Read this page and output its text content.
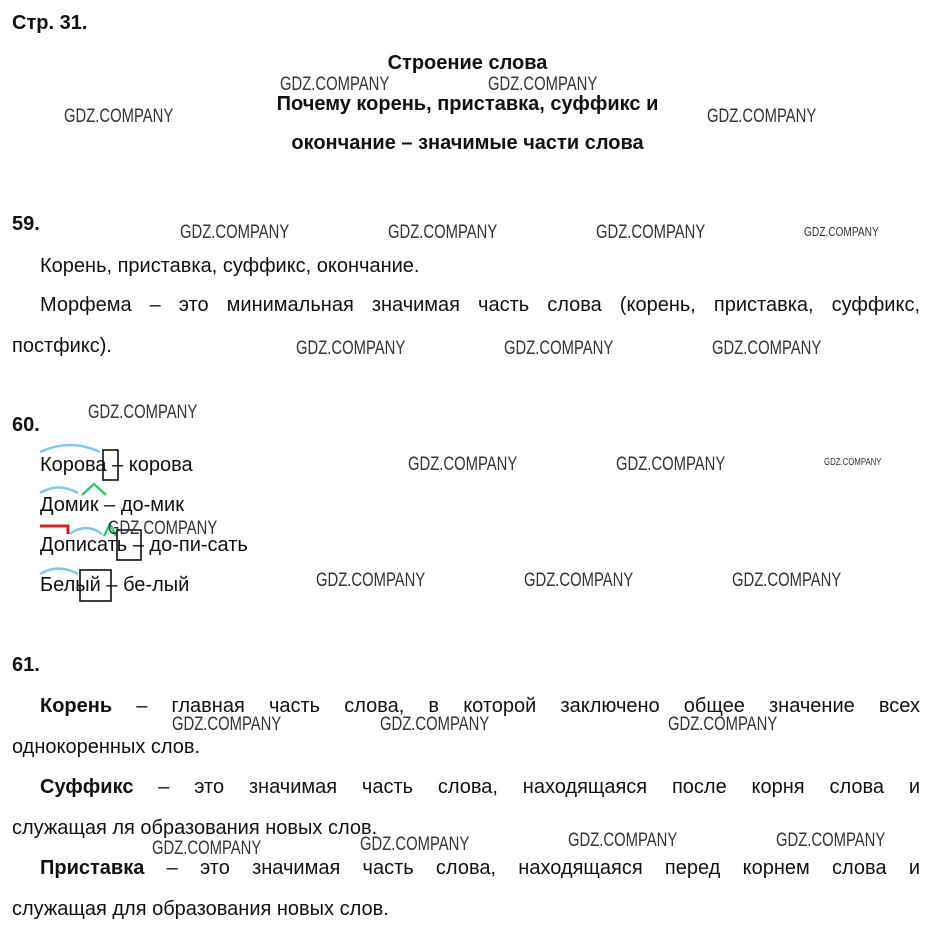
Стр. 31.
Строение слова
Почему корень, приставка, суффикс и
окончание – значимые части слова
59.
Корень, приставка, суффикс, окончание.
Морфема – это минимальная значимая часть слова (корень, приставка, суффикс,
постфикс).
60.
Корова – корова
Домик – до-мик
Дописать – до-пи-сать
Белый – бе-лый
61.
Корень – главная часть слова, в которой заключено общее значение всех
однокоренных слов.
Суффикс – это значимая часть слова, находящаяся после корня слова и
служащая ля образования новых слов.
Приставка – это значимая часть слова, находящаяся перед корнем слова и
служащая для образования новых слов.
GDZ.COMPANY	GDZ.COMPANY
GDZ.COMPANY	GDZ.COMPANY
GDZ.COMPANY	GDZ.COMPANY	GDZ.COMPANY	GDZ.COMPANY
GDZ.COMPANY	GDZ.COMPANY	GDZ.COMPANY
GDZ.COMPANY
GDZ.COMPANY	GDZ.COMPANY	GDZ.COMPANY
GDZ.COMPANY
GDZ.COMPANY	GDZ.COMPANY	GDZ.COMPANY
GDZ.COMPANY	GDZ.COMPANY	GDZ.COMPANY
GDZ.COMPANY	GDZ.COMPANY
GDZ.COMPANY
GDZ.COMPANY
